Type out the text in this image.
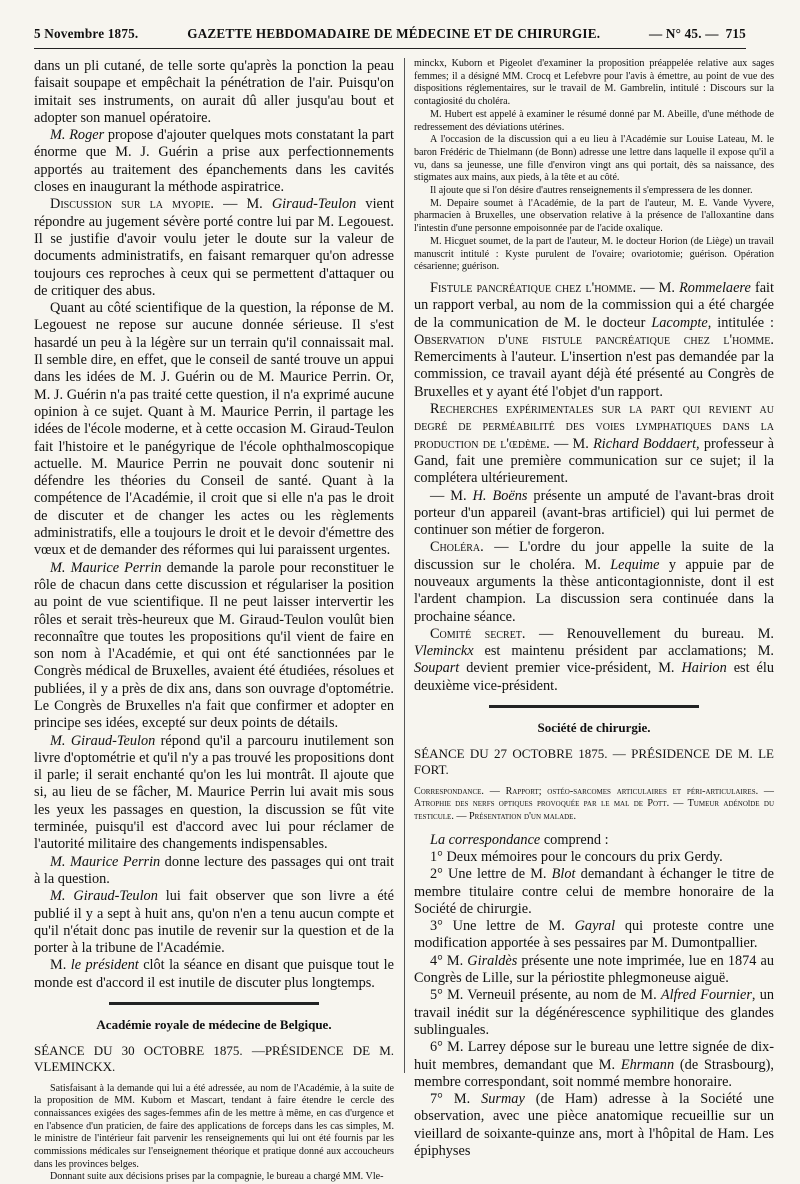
5 Novembre 1875.	GAZETTE HEBDOMADAIRE DE MÉDECINE ET DE CHIRURGIE.	— N° 45. — 715

dans un pli cutané, de telle sorte qu'après la ponction la peau faisait soupape et empêchait la pénétration de l'air. Puisqu'on imitait ses instruments, on aurait dû aller jusqu'au bout et adopter son manuel opératoire.

M. Roger propose d'ajouter quelques mots constatant la part énorme que M. J. Guérin a prise aux perfectionnements apportés au traitement des épanchements dans les cavités closes en inaugurant la méthode aspiratrice.

Discussion sur la myopie. — M. Giraud-Teulon vient répondre au jugement sévère porté contre lui par M. Legouest. Il se justifie d'avoir voulu jeter le doute sur la valeur de documents administratifs, en faisant remarquer qu'on adresse toujours ces reproches à ceux qui se permettent d'attaquer ou de critiquer des abus.

Quant au côté scientifique de la question, la réponse de M. Legouest ne repose sur aucune donnée sérieuse. Il s'est hasardé un peu à la légère sur un terrain qu'il connaissait mal. Il semble dire, en effet, que le conseil de santé trouve un appui dans les idées de M. J. Guérin ou de M. Maurice Perrin. Or, M. J. Guérin n'a pas traité cette question, il n'a exprimé aucune opinion à ce sujet. Quant à M. Maurice Perrin, il partage les idées de l'école moderne, et à cette occasion M. Giraud-Teulon fait l'histoire et le panégyrique de l'école ophthalmoscopique actuelle. M. Maurice Perrin ne pouvait donc soutenir ni défendre les théories du Conseil de santé. Quant à la compétence de l'Académie, il croit que si elle n'a pas le droit de discuter et de changer les actes ou les règlements administratifs, elle a toujours le droit et le devoir d'émettre des vœux et de demander des réformes qui lui paraissent urgentes.

M. Maurice Perrin demande la parole pour reconstituer le rôle de chacun dans cette discussion et régulariser la position au point de vue scientifique. Il ne peut laisser intervertir les rôles et serait très-heureux que M. Giraud-Teulon voulût bien reconnaître que toutes les propositions qu'il vient de faire en son nom à l'Académie, et qui ont été sanctionnées par le Congrès médical de Bruxelles, avaient été étudiées, résolues et publiées, il y a près de dix ans, dans son ouvrage d'optométrie. Le Congrès de Bruxelles n'a fait que confirmer et adopter en principe ses idées, excepté sur deux points de détails.

M. Giraud-Teulon répond qu'il a parcouru inutilement son livre d'optométrie et qu'il n'y a pas trouvé les propositions dont il parle; il serait enchanté qu'on les lui montrât. Il ajoute que si, au lieu de se fâcher, M. Maurice Perrin lui avait mis sous les yeux les passages en question, la discussion se fût vite terminée, puisqu'il est d'accord avec lui pour réclamer de l'autorité militaire des changements indispensables.

M. Maurice Perrin donne lecture des passages qui ont trait à la question.

M. Giraud-Teulon lui fait observer que son livre a été publié il y a sept à huit ans, qu'on n'en a tenu aucun compte et qu'il n'était donc pas inutile de revenir sur la question et de la porter à la tribune de l'Académie.

M. le président clôt la séance en disant que puisque tout le monde est d'accord il est inutile de discuter plus longtemps.

Académie royale de médecine de Belgique.
SÉANCE DU 30 OCTOBRE 1875. —PRÉSIDENCE DE M. VLEMINCKX.

Satisfaisant à la demande qui lui a été adressée, au nom de l'Académie, à la suite de la proposition de MM. Kuborn et Mascart, tendant à faire étendre le cercle des connaissances exigées des sages-femmes afin de les mettre à même, en cas d'urgence et en l'absence d'un praticien, de faire des applications de forceps dans les cas simples, M. le ministre de l'intérieur fait parvenir les renseignements qui lui ont été fournis par les commissions médicales sur l'enseignement théorique et pratique donné aux accoucheurs dans les provinces belges.

Donnant suite aux décisions prises par la compagnie, le bureau a chargé MM. Vle-

minckx, Kuborn et Pigeolet d'examiner la proposition préappelée relative aux sages femmes; il a désigné MM. Crocq et Lefebvre pour l'avis à émettre, au point de vue des dispositions réglementaires, sur le travail de M. Gambrelin, intitulé : Discours sur la contagiosité du choléra.

M. Hubert est appelé à examiner le résumé donné par M. Abeille, d'une méthode de redressement des déviations utérines.

A l'occasion de la discussion qui a eu lieu à l'Académie sur Louise Lateau, M. le baron Frédéric de Thielmann (de Bonn) adresse une lettre dans laquelle il expose qu'il a vu, dans sa jeunesse, une fille d'environ vingt ans qui portait, dès sa naissance, des stigmates aux mains, aux pieds, à la tête et au côté.

Il ajoute que si l'on désire d'autres renseignements il s'empressera de les donner.

M. Depaire soumet à l'Académie, de la part de l'auteur, M. E. Vande Vyvere, pharmacien à Bruxelles, une observation relative à la présence de l'alloxantine dans l'intestin d'une personne empoisonnée par de l'acide oxalique.

M. Hicguet soumet, de la part de l'auteur, M. le docteur Horion (de Liège) un travail manuscrit intitulé : Kyste purulent de l'ovaire; ovariotomie; guérison. Opération césarienne; guérison.

Fistule pancréatique chez l'homme. — M. Rommelaere fait un rapport verbal, au nom de la commission qui a été chargée de la communication de M. le docteur Lacompte, intitulée : Observation d'une fistule pancréatique chez l'homme. Remerciments à l'auteur. L'insertion n'est pas demandée par la commission, ce travail ayant déjà été présenté au Congrès de Bruxelles et y ayant été l'objet d'un rapport.

Recherches expérimentales sur la part qui revient au degré de perméabilité des voies lymphatiques dans la production de l'œdème. — M. Richard Boddaert, professeur à Gand, fait une première communication sur ce sujet; il la complétera ultérieurement.

— M. H. Boëns présente un amputé de l'avant-bras droit porteur d'un appareil (avant-bras artificiel) qui lui permet de continuer son métier de forgeron.

Choléra. — L'ordre du jour appelle la suite de la discussion sur le choléra. M. Lequime y appuie par de nouveaux arguments la thèse anticontagionniste, dont il est l'ardent champion. La discussion sera continuée dans la prochaine séance.

Comité secret. — Renouvellement du bureau. M. Vleminckx est maintenu président par acclamations; M. Soupart devient premier vice-président, M. Hairion est élu deuxième vice-président.

Société de chirurgie.
SÉANCE DU 27 OCTOBRE 1875. — PRÉSIDENCE DE M. LE FORT.

Correspondance. — Rapport; ostéo-sarcomes articulaires et péri-articulaires. — Atrophie des nerfs optiques provoquée par le mal de Pott. — Tumeur adénoïde du testicule. — Présentation d'un malade.

La correspondance comprend :

1° Deux mémoires pour le concours du prix Gerdy.

2° Une lettre de M. Blot demandant à échanger le titre de membre titulaire contre celui de membre honoraire de la Société de chirurgie.

3° Une lettre de M. Gayral qui proteste contre une modification apportée à ses pessaires par M. Dumontpallier.

4° M. Giraldès présente une note imprimée, lue en 1874 au Congrès de Lille, sur la périostite phlegmoneuse aiguë.

5° M. Verneuil présente, au nom de M. Alfred Fournier, un travail inédit sur la dégénérescence syphilitique des glandes sublinguales.

6° M. Larrey dépose sur le bureau une lettre signée de dix-huit membres, demandant que M. Ehrmann (de Strasbourg), membre correspondant, soit nommé membre honoraire.

7° M. Surmay (de Ham) adresse à la Société une observation, avec une pièce anatomique recueillie sur un vieillard de soixante-quinze ans, mort à l'hôpital de Ham. Les épiphyses
